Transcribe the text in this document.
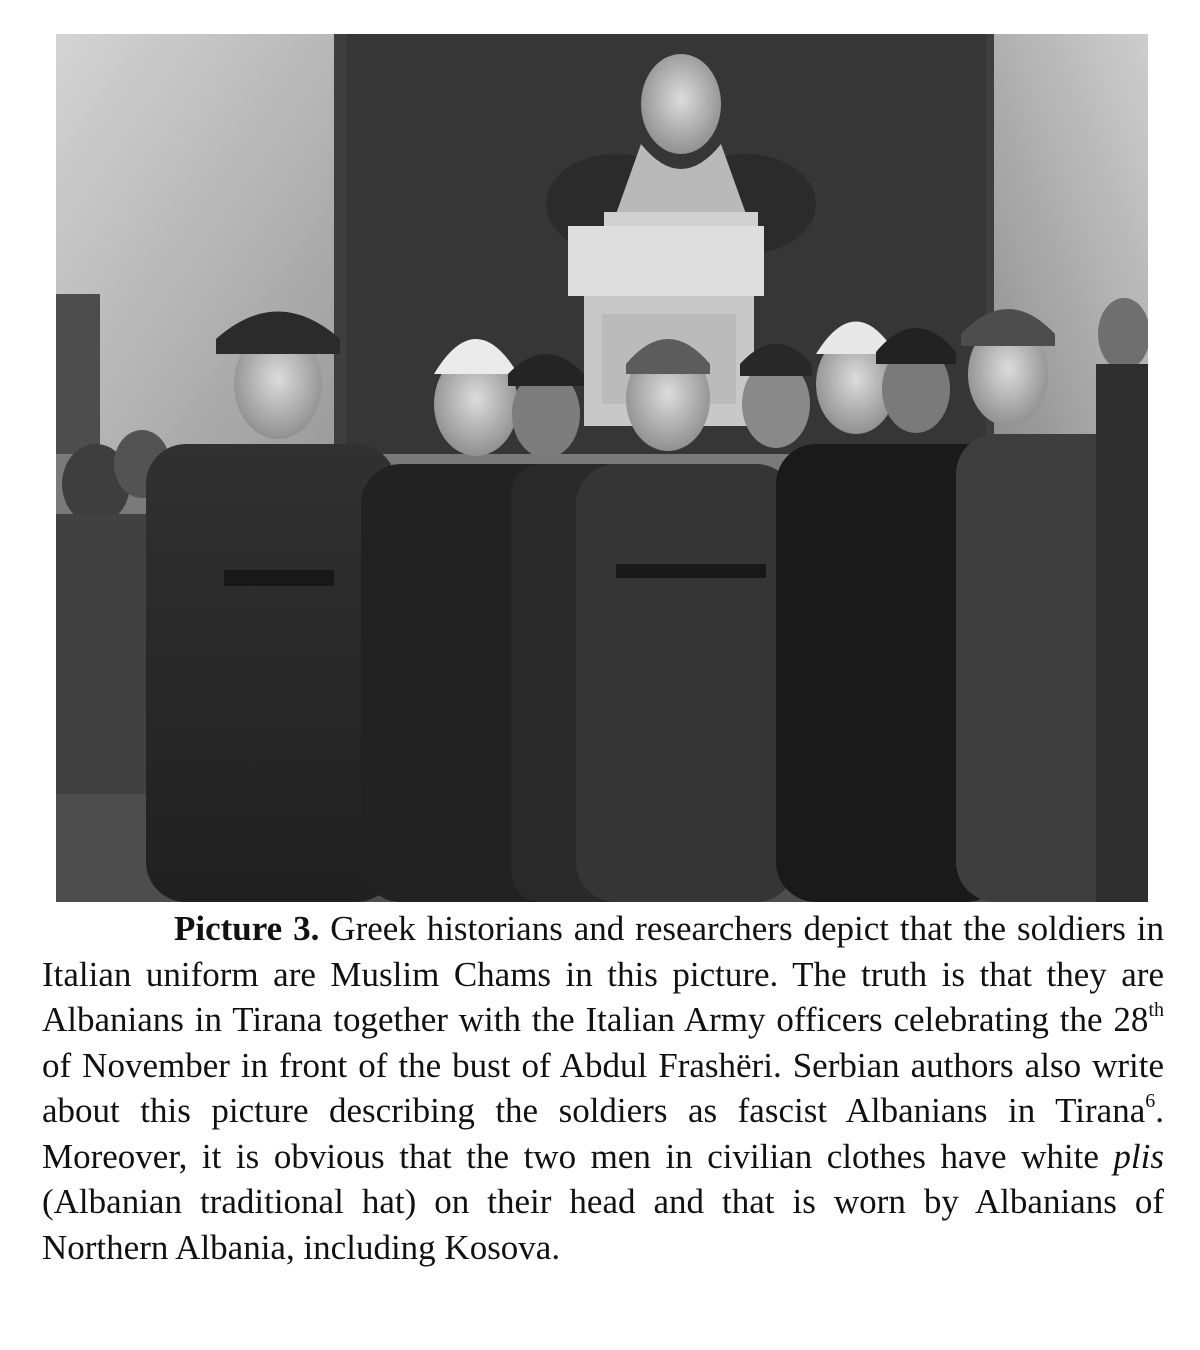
Picture 3. Greek historians and researchers depict that the soldiers in Italian uniform are Muslim Chams in this picture. The truth is that they are Albanians in Tirana together with the Italian Army officers celebrating the 28th of November in front of the bust of Abdul Frashëri. Serbian authors also write about this picture describing the soldiers as fascist Albanians in Tirana$^6$. Moreover, it is obvious that the two men in civilian clothes have white plis (Albanian traditional hat) on their head and that is worn by Albanians of Northern Albania, including Kosova.
